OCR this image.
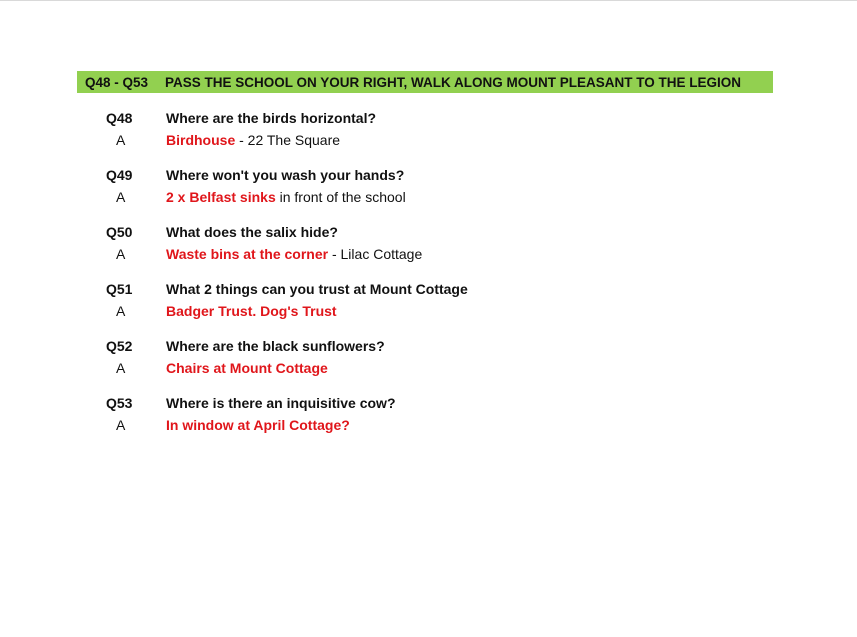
Q48 - Q53 PASS THE SCHOOL ON YOUR RIGHT, WALK ALONG MOUNT PLEASANT TO THE LEGION
Q48 Where are the birds horizontal?
A	Birdhouse - 22 The Square
Q49 Where won't you wash your hands?
A	2 x Belfast sinks in front of the school
Q50 What does the salix hide?
A	Waste bins at the corner - Lilac Cottage
Q51 What 2 things can you trust at Mount Cottage
A	Badger Trust. Dog's Trust
Q52 Where are the black sunflowers?
A	Chairs at Mount Cottage
Q53 Where is there an inquisitive cow?
A	In window at April Cottage?
